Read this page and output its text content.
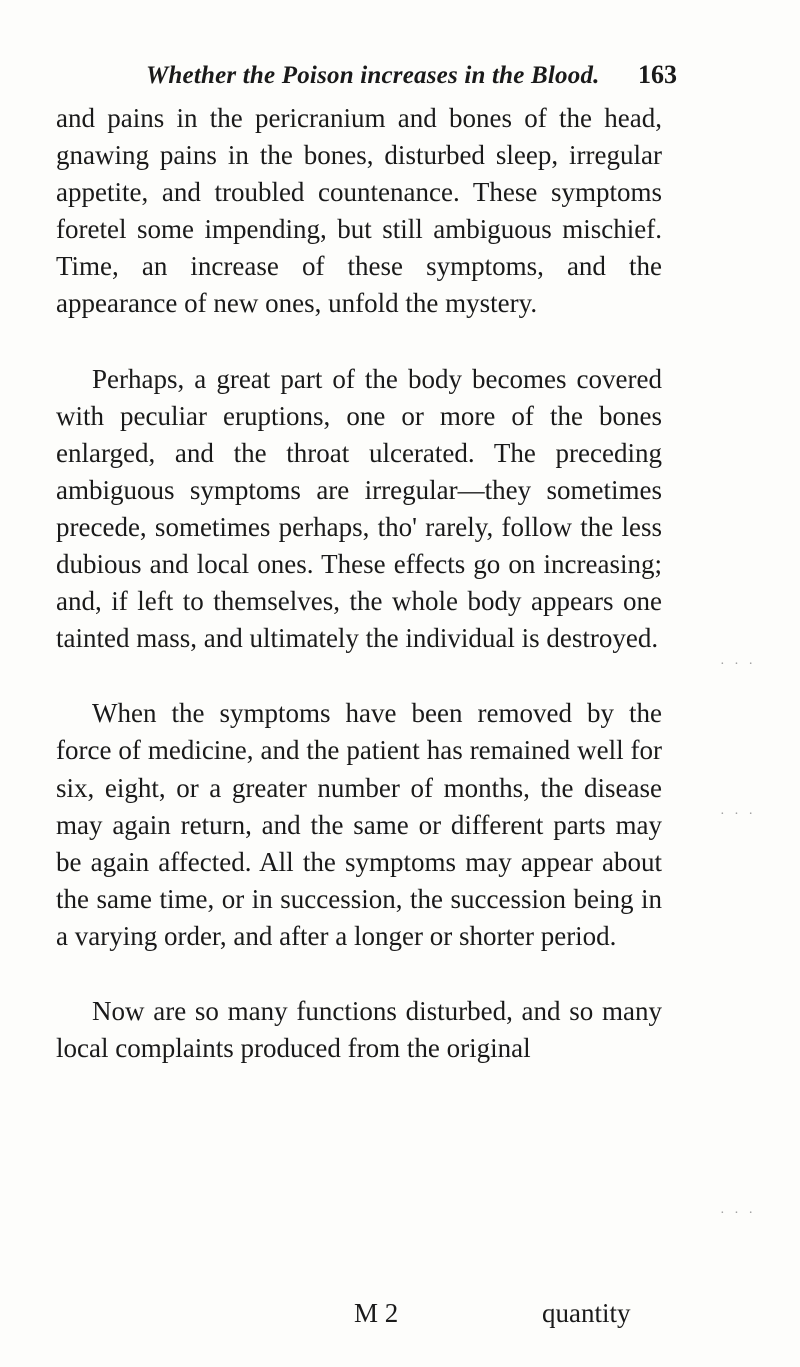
Whether the Poison increases in the Blood.	163

and pains in the pericranium and bones of the head, gnawing pains in the bones, disturbed sleep, irregular appetite, and troubled countenance. These symptoms foretel some impending, but still ambiguous mischief. Time, an increase of these symptoms, and the appearance of new ones, unfold the mystery.

Perhaps, a great part of the body becomes covered with peculiar eruptions, one or more of the bones enlarged, and the throat ulcerated. The preceding ambiguous symptoms are irregular—they sometimes precede, sometimes perhaps, tho' rarely, follow the less dubious and local ones. These effects go on increasing; and, if left to themselves, the whole body appears one tainted mass, and ultimately the individual is destroyed.

When the symptoms have been removed by the force of medicine, and the patient has remained well for six, eight, or a greater number of months, the disease may again return, and the same or different parts may be again affected. All the symptoms may appear about the same time, or in succession, the succession being in a varying order, and after a longer or shorter period.

Now are so many functions disturbed, and so many local complaints produced from the original

· · ·
· · ·
· · ·
M 2	quantity
